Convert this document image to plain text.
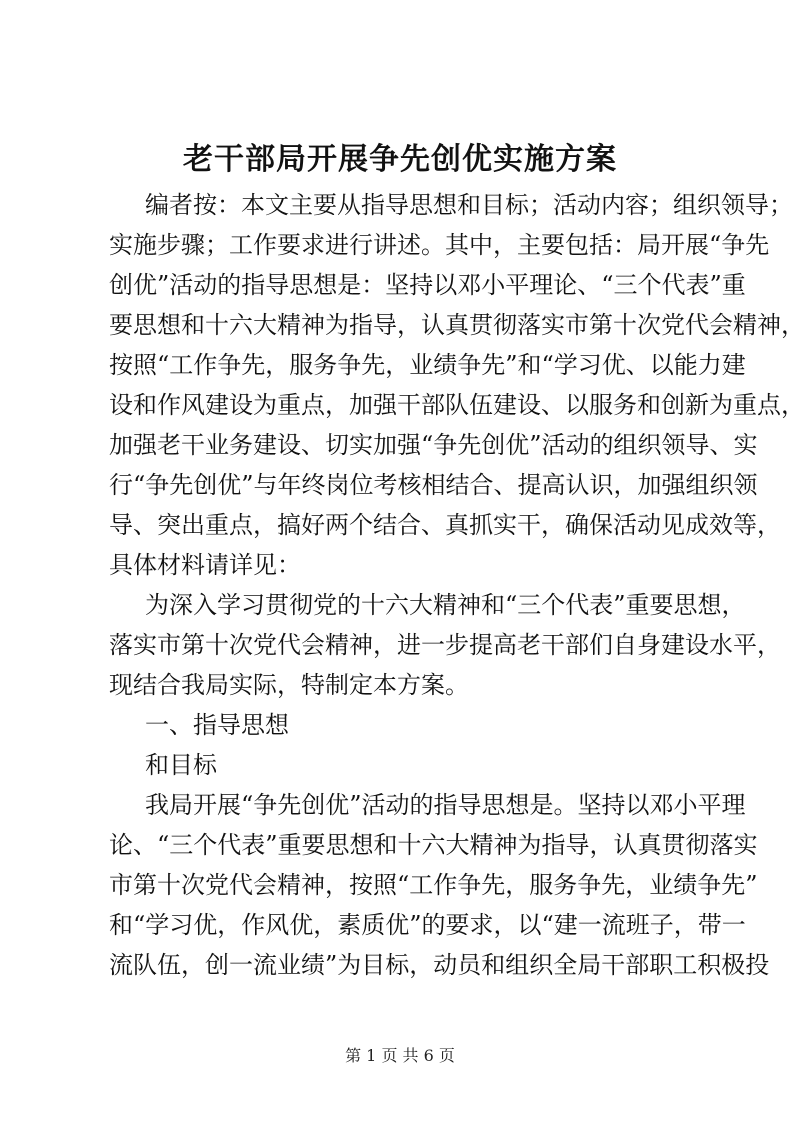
老干部局开展争先创优实施方案
编者按：本文主要从指导思想和目标；活动内容；组织领导；
实施步骤；工作要求进行讲述。其中，主要包括：局开展“争先
创优”活动的指导思想是：坚持以邓小平理论、“三个代表”重
要思想和十六大精神为指导，认真贯彻落实市第十次党代会精神，
按照“工作争先，服务争先，业绩争先”和“学习优、以能力建
设和作风建设为重点，加强干部队伍建设、以服务和创新为重点，
加强老干业务建设、切实加强“争先创优”活动的组织领导、实
行“争先创优”与年终岗位考核相结合、提高认识，加强组织领
导、突出重点，搞好两个结合、真抓实干，确保活动见成效等，
具体材料请详见：
为深入学习贯彻党的十六大精神和“三个代表”重要思想，
落实市第十次党代会精神，进一步提高老干部们自身建设水平，
现结合我局实际，特制定本方案。
一、指导思想
和目标
我局开展“争先创优”活动的指导思想是。坚持以邓小平理
论、“三个代表”重要思想和十六大精神为指导，认真贯彻落实
市第十次党代会精神，按照“工作争先，服务争先，业绩争先”
和“学习优，作风优，素质优”的要求，以“建一流班子，带一
流队伍，创一流业绩”为目标，动员和组织全局干部职工积极投
第 1 页 共 6 页
